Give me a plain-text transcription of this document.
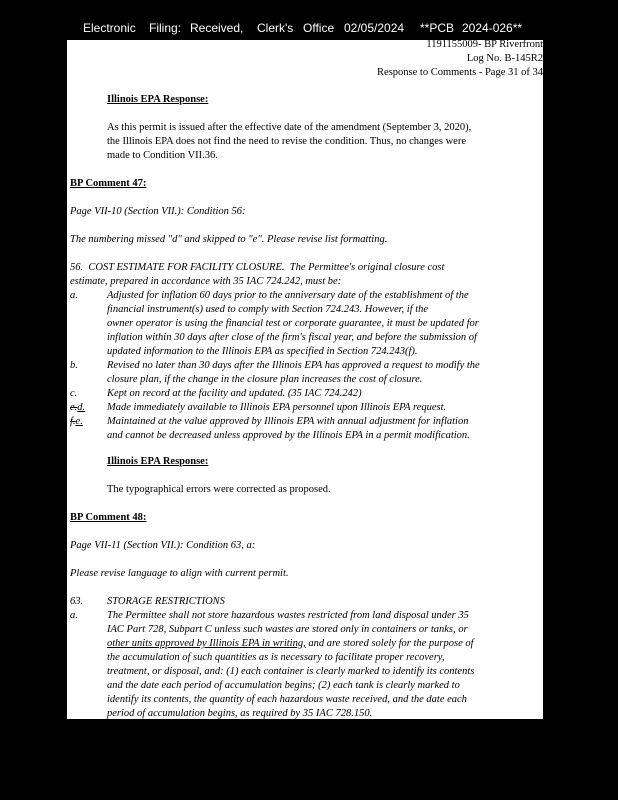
Electronic Filing: Received, Clerk's Office 02/05/2024 **PCB 2024-026**
1191155009- BP Riverfront
Log No. B-145R2
Response to Comments - Page 31 of 34
Illinois EPA Response:
As this permit is issued after the effective date of the amendment (September 3, 2020),
the Illinois EPA does not find the need to revise the condition. Thus, no changes were
made to Condition VII.36.
BP Comment 47:
Page VII-10 (Section VII.): Condition 56:
The numbering missed "d" and skipped to "e". Please revise list formatting.
56. COST ESTIMATE FOR FACILITY CLOSURE. The Permittee's original closure cost
estimate, prepared in accordance with 35 IAC 724.242, must be:
a.	Adjusted for inflation 60 days prior to the anniversary date of the establishment of the
financial instrument(s) used to comply with Section 724.243. However, if the
owner operator is using the financial test or corporate guarantee, it must be updated for
inflation within 30 days after close of the firm's fiscal year, and before the submission of
updated information to the Illinois EPA as specified in Section 724.243(f).
b.	Revised no later than 30 days after the Illinois EPA has approved a request to modify the
closure plan, if the change in the closure plan increases the cost of closure.
c.	Kept on record at the facility and updated. (35 IAC 724.242)
e.d. Made immediately available to Illinois EPA personnel upon Illinois EPA request.
f.e. Maintained at the value approved by Illinois EPA with annual adjustment for inflation
and cannot be decreased unless approved by the Illinois EPA in a permit modification.
Illinois EPA Response:
The typographical errors were corrected as proposed.
BP Comment 48:
Page VII-11 (Section VII.): Condition 63, a:
Please revise language to align with current permit.
63. STORAGE RESTRICTIONS
a.	The Permittee shall not store hazardous wastes restricted from land disposal under 35
IAC Part 728, Subpart C unless such wastes are stored only in containers or tanks, or
other units approved by Illinois EPA in writing, and are stored solely for the purpose of
the accumulation of such quantities as is necessary to facilitate proper recovery,
treatment, or disposal, and: (1) each container is clearly marked to identify its contents
and the date each period of accumulation begins; (2) each tank is clearly marked to
identify its contents, the quantity of each hazardous waste received, and the date each
period of accumulation begins, as required by 35 IAC 728.150.
